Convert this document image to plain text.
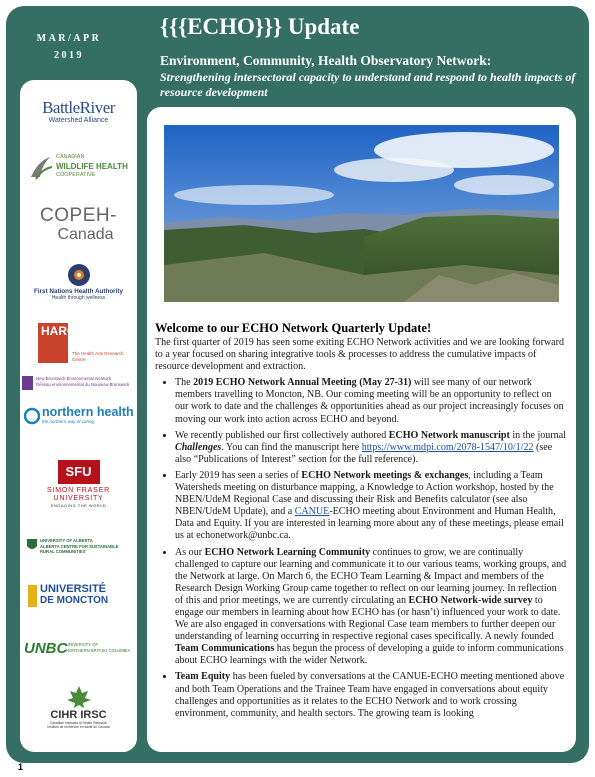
MAR/APR
2019
{{{ECHO}}} Update
Environment, Community, Health Observatory Network:
Strengthening intersectoral capacity to understand and respond to health impacts of resource development
BattleRiver
Watershed Alliance
CANADIAN
WILDLIFE HEALTH
COOPERATIVE
COPEH-
Canada
First Nations Health Authority
Health through wellness
HARC
The Health Arts Research Centre
New Brunswick Environmental Network
Réseau environnemental du Nouveau-Brunswick
northern health
the northern way of caring
SFU
SIMON FRASER
UNIVERSITY
ENGAGING THE WORLD
UNIVERSITY OF ALBERTA
ALBERTA CENTRE FOR SUSTAINABLE
RURAL COMMUNITIES
UNIVERSITÉ
DE MONCTON
UNBC
UNIVERSITY OF
NORTHERN BRITISH COLUMBIA
CIHR IRSC
Canadian Institutes of Health Research
Instituts de recherche en santé du Canada
Welcome to our ECHO Network Quarterly Update!

The first quarter of 2019 has seen some exiting ECHO Network activities and we are looking forward to a year focused on sharing integrative tools & processes to address the cumulative impacts of resource development and extraction.

• The 2019 ECHO Network Annual Meeting (May 27-31) will see many of our network members travelling to Moncton, NB. Our coming meeting will be an opportunity to reflect on our work to date and the challenges & opportunities ahead as our project increasingly focuses on moving our work into action across ECHO and beyond.
• We recently published our first collectively authored ECHO Network manuscript in the journal Challenges. You can find the manuscript here https://www.mdpi.com/2078-1547/10/1/22 (see also “Publications of Interest” section for the full reference).
• Early 2019 has seen a series of ECHO Network meetings & exchanges, including a Team Watersheds meeting on disturbance mapping, a Knowledge to Action workshop, hosted by the NBEN/UdeM Regional Case and discussing their Risk and Benefits calculator (see also NBEN/UdeM Update), and a CANUE-ECHO meeting about Environment and Human Health, Data and Equity. If you are interested in learning more about any of these meetings, please email us at echonetwork@unbc.ca.
• As our ECHO Network Learning Community continues to grow, we are continually challenged to capture our learning and communicate it to our various teams, working groups, and the Network at large. On March 6, the ECHO Team Learning & Impact and members of the Research Design Working Group came together to reflect on our learning journey. In reflection of this and prior meetings, we are currently circulating an ECHO Network-wide survey to engage our members in learning about how ECHO has (or hasn’t) influenced your work to date. We are also engaged in conversations with Regional Case team members to further deepen our understanding of learning occurring in respective regional cases specifically. A newly founded Team Communications has begun the process of developing a guide to inform communications about ECHO learnings with the wider Network.
• Team Equity has been fueled by conversations at the CANUE-ECHO meeting mentioned above and both Team Operations and the Trainee Team have engaged in conversations about equity challenges and opportunities as it relates to the ECHO Network and to work crossing environment, community, and health sectors. The growing team is looking
1
